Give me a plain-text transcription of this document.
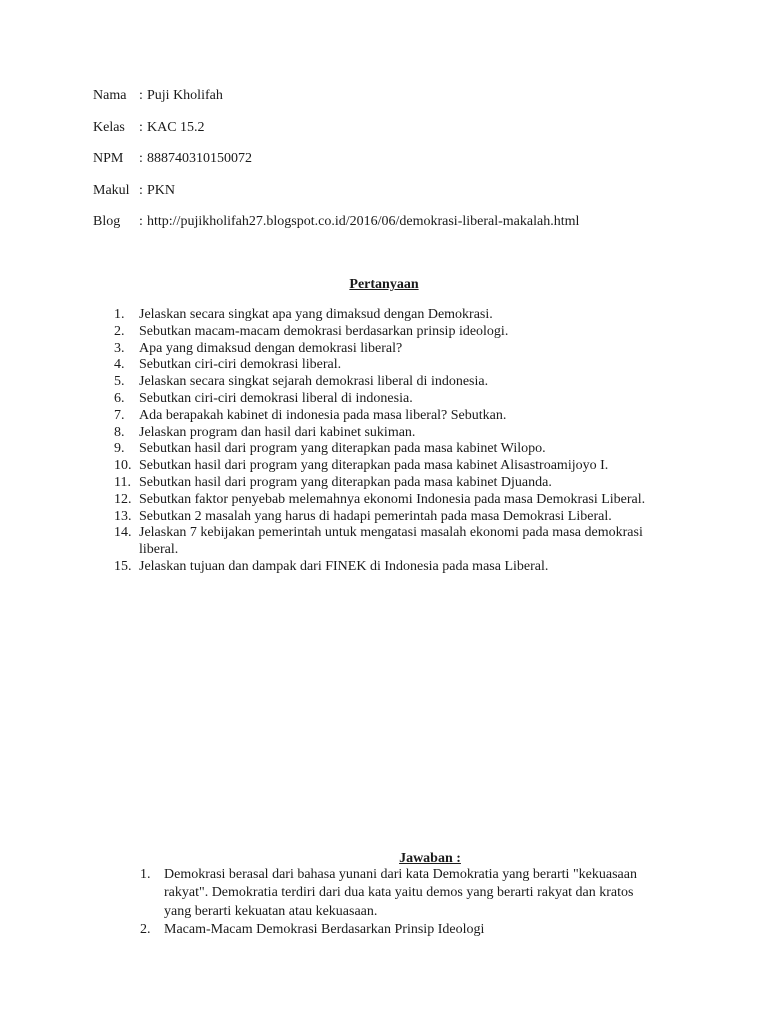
Nama : Puji Kholifah
Kelas : KAC 15.2
NPM : 888740310150072
Makul : PKN
Blog : http://pujikholifah27.blogspot.co.id/2016/06/demokrasi-liberal-makalah.html
Pertanyaan
1. Jelaskan secara singkat apa yang dimaksud dengan Demokrasi.
2. Sebutkan macam-macam demokrasi berdasarkan prinsip ideologi.
3. Apa yang dimaksud dengan demokrasi liberal?
4. Sebutkan ciri-ciri demokrasi liberal.
5. Jelaskan secara singkat sejarah demokrasi liberal di indonesia.
6. Sebutkan ciri-ciri demokrasi liberal di indonesia.
7. Ada berapakah kabinet di indonesia pada masa liberal? Sebutkan.
8. Jelaskan program dan hasil dari kabinet sukiman.
9. Sebutkan hasil dari program yang diterapkan pada masa kabinet Wilopo.
10. Sebutkan hasil dari program yang diterapkan pada masa kabinet Alisastroamijoyo I.
11. Sebutkan hasil dari program yang diterapkan pada masa kabinet Djuanda.
12. Sebutkan faktor penyebab melemahnya ekonomi Indonesia pada masa Demokrasi Liberal.
13. Sebutkan 2 masalah yang harus di hadapi pemerintah pada masa Demokrasi Liberal.
14. Jelaskan 7 kebijakan pemerintah untuk mengatasi masalah ekonomi pada masa demokrasi liberal.
15. Jelaskan tujuan dan dampak dari FINEK di Indonesia pada masa Liberal.
Jawaban :
1. Demokrasi berasal dari bahasa yunani dari kata Demokratia yang berarti "kekuasaan rakyat". Demokratia terdiri dari dua kata yaitu demos yang berarti rakyat dan kratos yang berarti kekuatan atau kekuasaan.
2. Macam-Macam Demokrasi Berdasarkan Prinsip Ideologi
